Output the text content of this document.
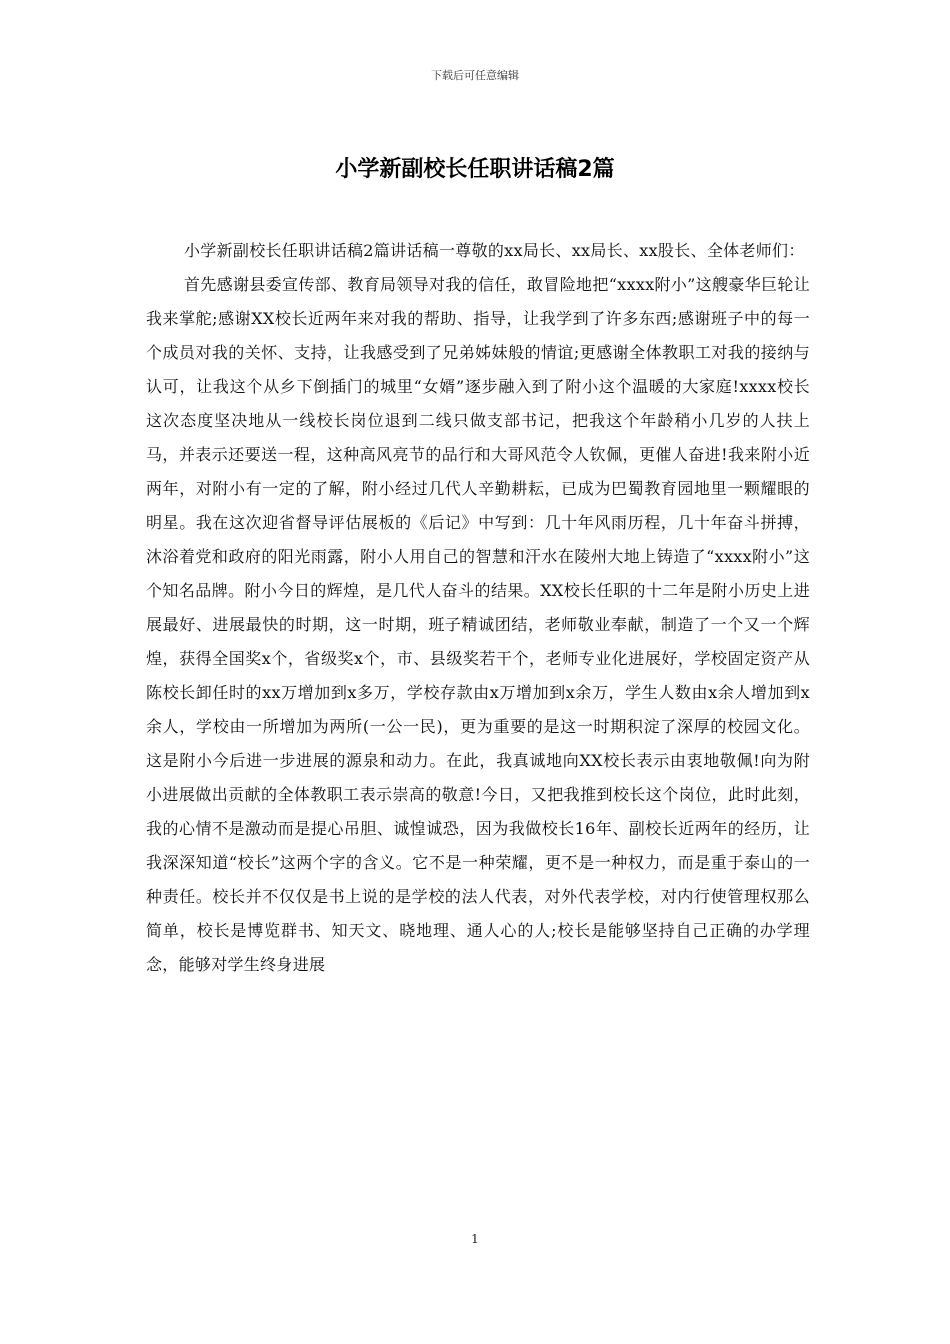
下载后可任意编辑
小学新副校长任职讲话稿2篇

小学新副校长任职讲话稿2篇讲话稿一尊敬的xx局长、xx局长、xx股长、全体老师们：

首先感谢县委宣传部、教育局领导对我的信任，敢冒险地把“xxxx附小”这艘豪华巨轮让我来掌舵;感谢XX校长近两年来对我的帮助、指导，让我学到了许多东西;感谢班子中的每一个成员对我的关怀、支持，让我感受到了兄弟姊妹般的情谊;更感谢全体教职工对我的接纳与认可，让我这个从乡下倒插门的城里“女婿”逐步融入到了附小这个温暖的大家庭!xxxx校长这次态度坚决地从一线校长岗位退到二线只做支部书记，把我这个年龄稍小几岁的人扶上马，并表示还要送一程，这种高风亮节的品行和大哥风范令人钦佩，更催人奋进!我来附小近两年，对附小有一定的了解，附小经过几代人辛勤耕耘，已成为巴蜀教育园地里一颗耀眼的明星。我在这次迎省督导评估展板的《后记》中写到：几十年风雨历程，几十年奋斗拼搏，沐浴着党和政府的阳光雨露，附小人用自己的智慧和汗水在陵州大地上铸造了“xxxx附小”这个知名品牌。附小今日的辉煌，是几代人奋斗的结果。XX校长任职的十二年是附小历史上进展最好、进展最快的时期，这一时期，班子精诚团结，老师敬业奉献，制造了一个又一个辉煌，获得全国奖x个，省级奖x个，市、县级奖若干个，老师专业化进展好，学校固定资产从陈校长卸任时的xx万增加到x多万，学校存款由x万增加到x余万，学生人数由x余人增加到x余人，学校由一所增加为两所(一公一民)，更为重要的是这一时期积淀了深厚的校园文化。这是附小今后进一步进展的源泉和动力。在此，我真诚地向XX校长表示由衷地敬佩!向为附小进展做出贡献的全体教职工表示崇高的敬意!今日，又把我推到校长这个岗位，此时此刻，我的心情不是激动而是提心吊胆、诚惶诚恐，因为我做校长16年、副校长近两年的经历，让我深深知道“校长”这两个字的含义。它不是一种荣耀，更不是一种权力，而是重于泰山的一种责任。校长并不仅仅是书上说的是学校的法人代表，对外代表学校，对内行使管理权那么简单，校长是博览群书、知天文、晓地理、通人心的人;校长是能够坚持自己正确的办学理念，能够对学生终身进展

1
